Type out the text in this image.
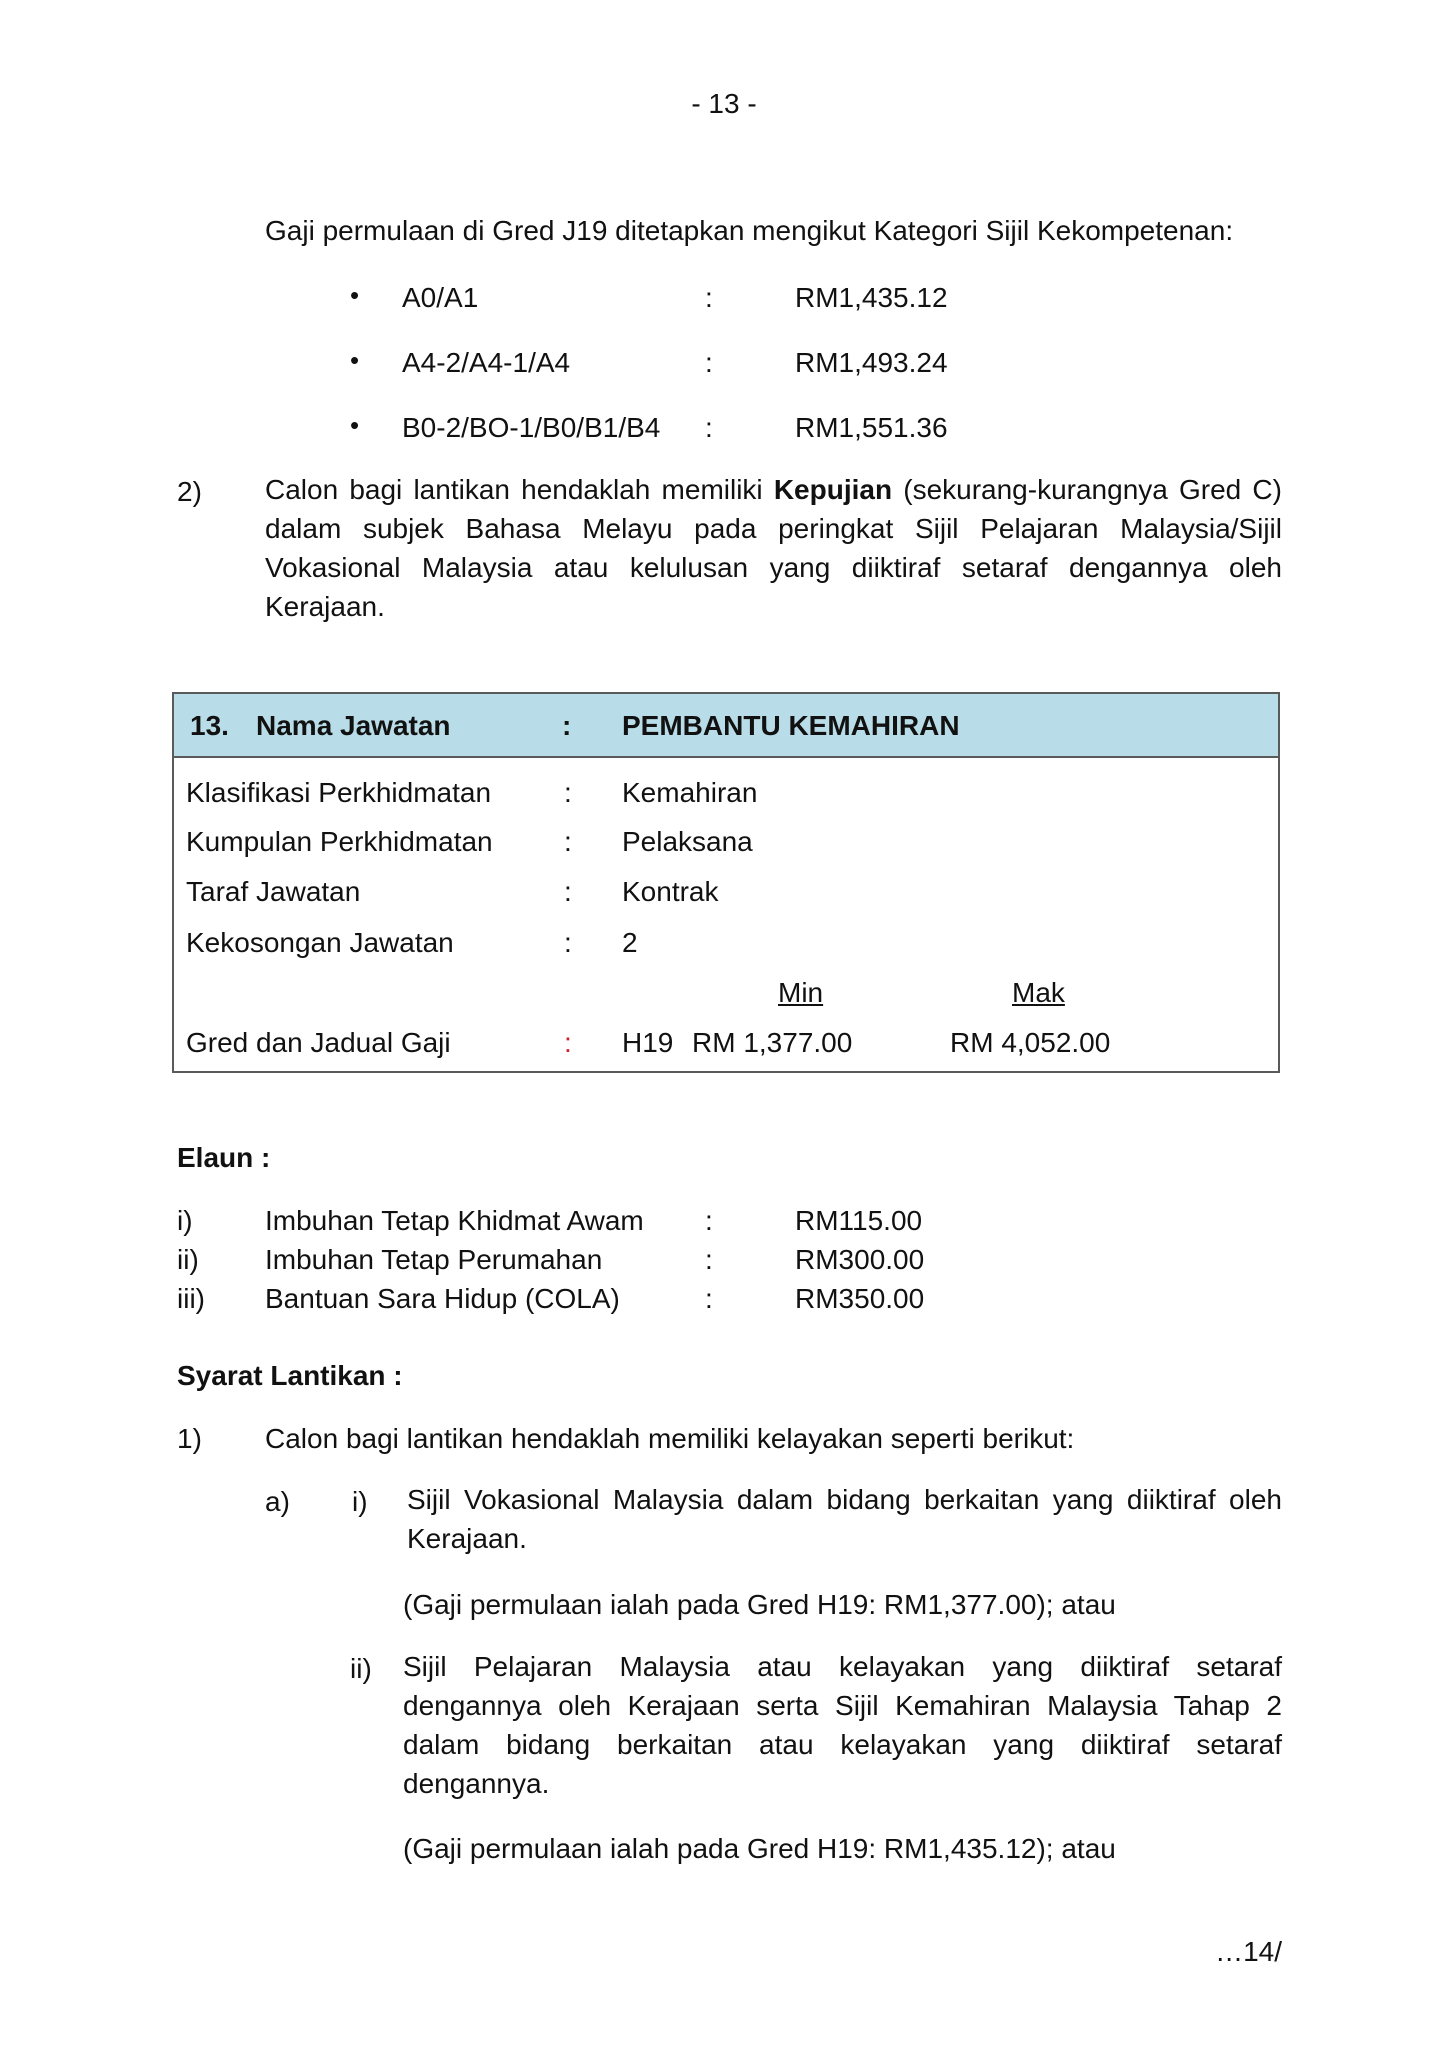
- 13 -
Gaji permulaan di Gred J19 ditetapkan mengikut Kategori Sijil Kekompetenan:
• A0/A1	:	RM1,435.12
• A4-2/A4-1/A4	:	RM1,493.24
• B0-2/BO-1/B0/B1/B4 :	RM1,551.36
2) Calon bagi lantikan hendaklah memiliki Kepujian (sekurang-kurangnya Gred C) dalam subjek Bahasa Melayu pada peringkat Sijil Pelajaran Malaysia/Sijil Vokasional Malaysia atau kelulusan yang diiktiraf setaraf dengannya oleh Kerajaan.
13. Nama Jawatan	: PEMBANTU KEMAHIRAN
Klasifikasi Perkhidmatan	: Kemahiran
Kumpulan Perkhidmatan	: Pelaksana
Taraf Jawatan	: Kontrak
Kekosongan Jawatan	: 2
Min	Mak
Gred dan Jadual Gaji	: H19 RM 1,377.00	RM 4,052.00
Elaun :
i)	Imbuhan Tetap Khidmat Awam :	RM115.00
ii) Imbuhan Tetap Perumahan	:	RM300.00
iii) Bantuan Sara Hidup (COLA)	:	RM350.00
Syarat Lantikan :
1) Calon bagi lantikan hendaklah memiliki kelayakan seperti berikut:
a) i) Sijil Vokasional Malaysia dalam bidang berkaitan yang diiktiraf oleh Kerajaan.
(Gaji permulaan ialah pada Gred H19: RM1,377.00); atau
ii) Sijil Pelajaran Malaysia atau kelayakan yang diiktiraf setaraf dengannya oleh Kerajaan serta Sijil Kemahiran Malaysia Tahap 2 dalam bidang berkaitan atau kelayakan yang diiktiraf setaraf dengannya.
(Gaji permulaan ialah pada Gred H19: RM1,435.12); atau
…14/
